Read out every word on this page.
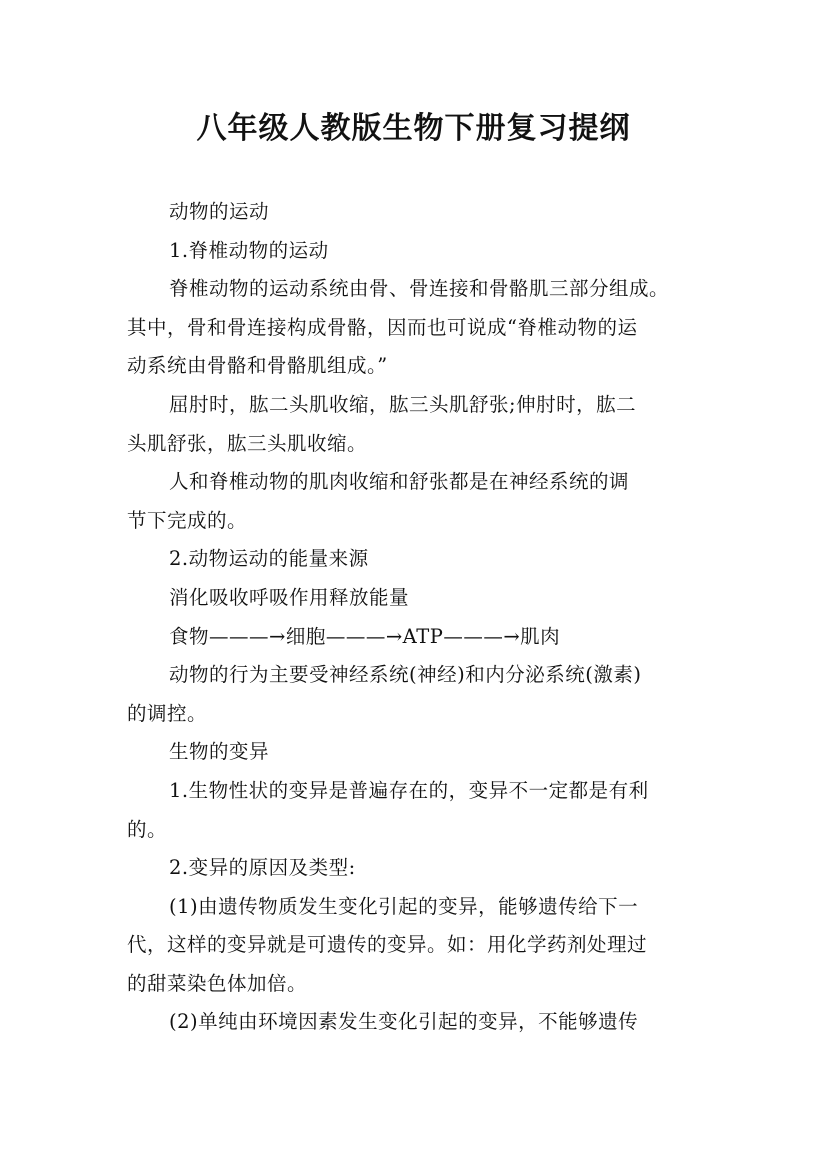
八年级人教版生物下册复习提纲

动物的运动

1.脊椎动物的运动

脊椎动物的运动系统由骨、骨连接和骨骼肌三部分组成。

其中，骨和骨连接构成骨骼，因而也可说成“脊椎动物的运

动系统由骨骼和骨骼肌组成。”

屈肘时，肱二头肌收缩，肱三头肌舒张;伸肘时，肱二

头肌舒张，肱三头肌收缩。

人和脊椎动物的肌肉收缩和舒张都是在神经系统的调

节下完成的。

2.动物运动的能量来源

消化吸收呼吸作用释放能量

食物———→细胞———→ATP———→肌肉

动物的行为主要受神经系统(神经)和内分泌系统(激素)

的调控。

生物的变异

1.生物性状的变异是普遍存在的，变异不一定都是有利

的。

2.变异的原因及类型:

(1)由遗传物质发生变化引起的变异，能够遗传给下一

代，这样的变异就是可遗传的变异。如：用化学药剂处理过

的甜菜染色体加倍。

(2)单纯由环境因素发生变化引起的变异，不能够遗传
